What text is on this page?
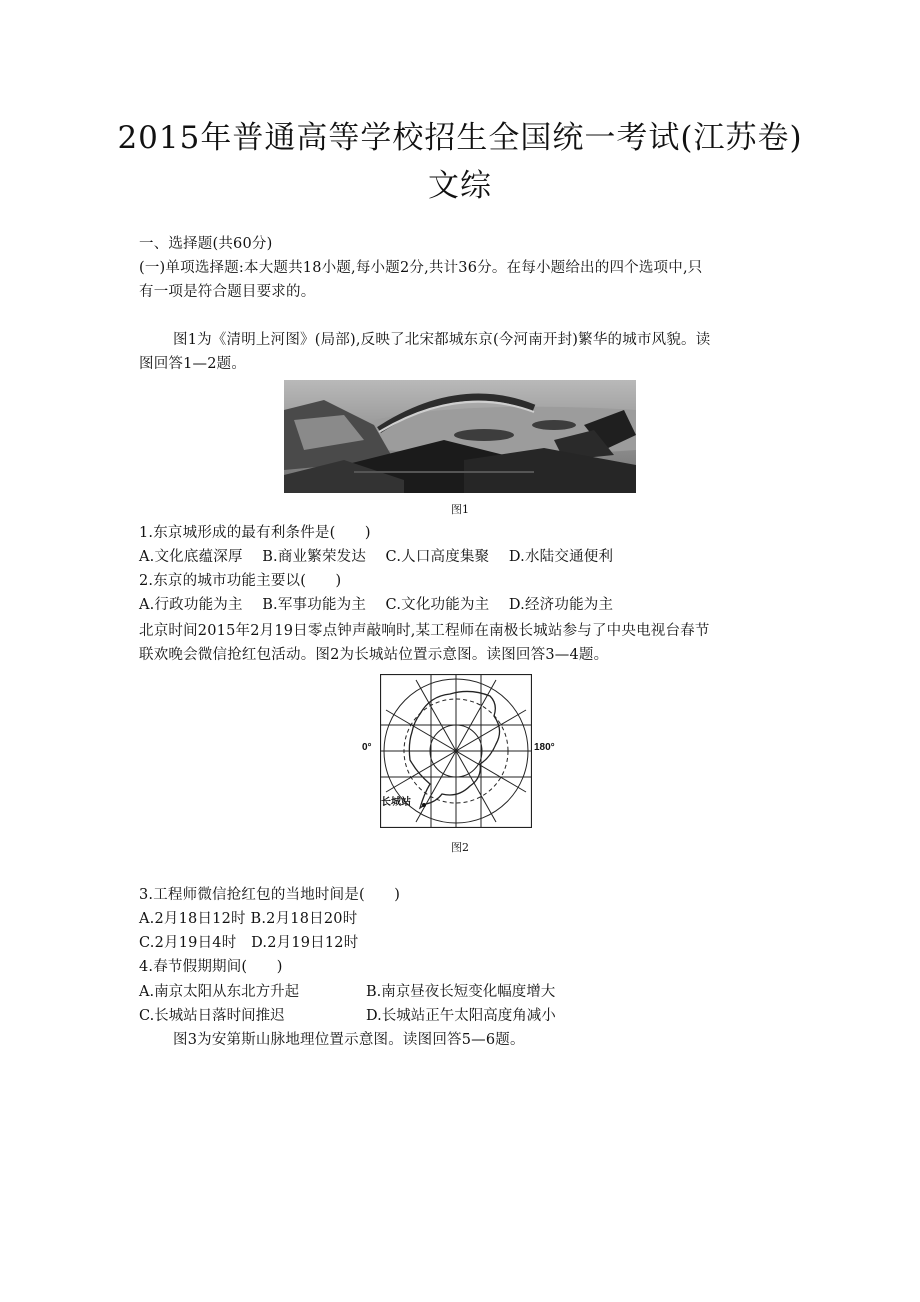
2015年普通高等学校招生全国统一考试(江苏卷)
文综
一、选择题(共60分)
(一)单项选择题:本大题共18小题,每小题2分,共计36分。在每小题给出的四个选项中,只
有一项是符合题目要求的。
图1为《清明上河图》(局部),反映了北宋都城东京(今河南开封)繁华的城市风貌。读
图回答1—2题。
图1
1.东京城形成的最有利条件是(　　)
A.文化底蕴深厚　 B.商业繁荣发达　 C.人口高度集聚　 D.水陆交通便利
2.东京的城市功能主要以(　　)
A.行政功能为主　 B.军事功能为主　 C.文化功能为主　 D.经济功能为主
北京时间2015年2月19日零点钟声敲响时,某工程师在南极长城站参与了中央电视台春节
联欢晚会微信抢红包活动。图2为长城站位置示意图。读图回答3—4题。
0°	180°
长城站
图2
3.工程师微信抢红包的当地时间是(　　)
A.2月18日12时 B.2月18日20时
C.2月19日4时　D.2月19日12时
4.春节假期期间(　　)
A.南京太阳从东北方升起	B.南京昼夜长短变化幅度增大
C.长城站日落时间推迟	D.长城站正午太阳高度角减小
图3为安第斯山脉地理位置示意图。读图回答5—6题。
